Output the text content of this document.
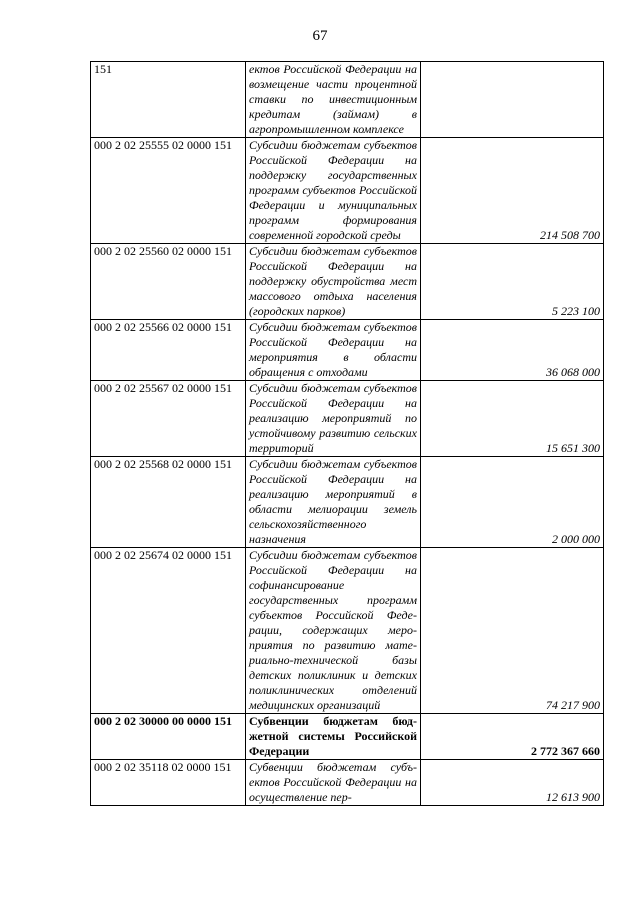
67
151	ектов Российской Федерации на возмещение части процентной ставки по инвестиционным кредитам (займам) в агропромышленном комплексе	
000 2 02 25555 02 0000 151	Субсидии бюджетам субъектов Российской Федерации на поддержку государственных программ субъектов Российской Федерации и муниципальных программ формирования современной городской среды	214 508 700
000 2 02 25560 02 0000 151	Субсидии бюджетам субъектов Российской Федерации на поддержку обустройства мест массового отдыха населения (городских парков)	5 223 100
000 2 02 25566 02 0000 151	Субсидии бюджетам субъектов Российской Федерации на мероприятия в области обращения с отходами	36 068 000
000 2 02 25567 02 0000 151	Субсидии бюджетам субъектов Российской Федерации на реализацию мероприятий по устойчивому развитию сельских территорий	15 651 300
000 2 02 25568 02 0000 151	Субсидии бюджетам субъектов Российской Федерации на реализацию мероприятий в области мелиорации земель сельскохозяйственного назначения	2 000 000
000 2 02 25674 02 0000 151	Субсидии бюджетам субъектов Российской Федерации на софинансирование государственных программ субъектов Российской Федерации, содержащих мероприятия по развитию материально-технической базы детских поликлиник и детских поликлинических отделений медицинских организаций	74 217 900
000 2 02 30000 00 0000 151	Субвенции бюджетам бюджетной системы Российской Федерации	2 772 367 660
000 2 02 35118 02 0000 151	Субвенции бюджетам субъектов Российской Федерации на осуществление пер-	12 613 900
